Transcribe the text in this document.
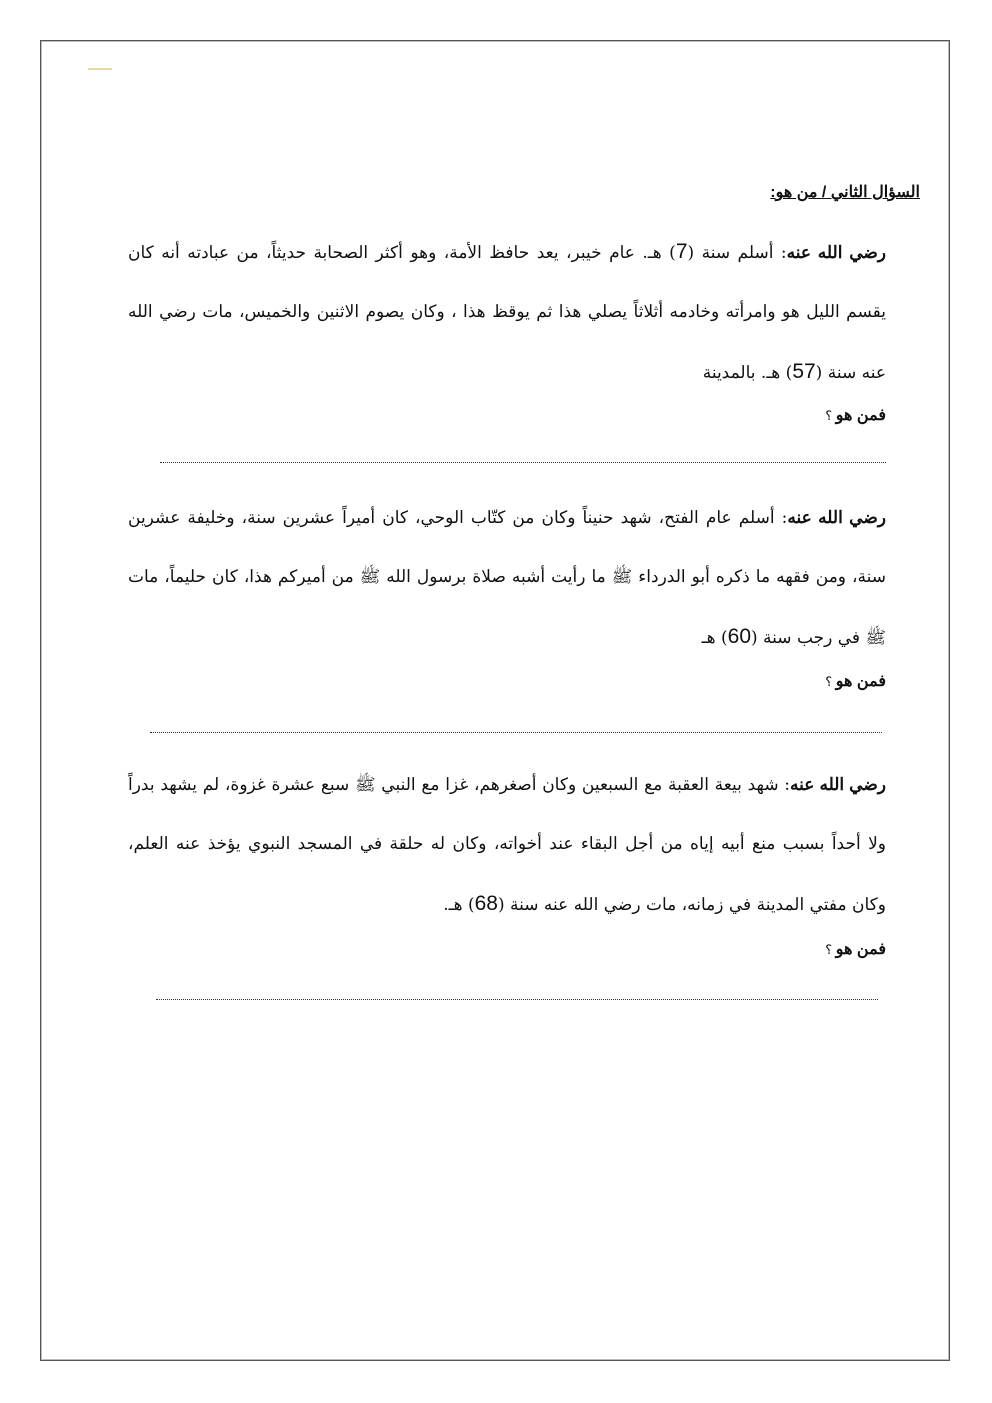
السؤال الثاني / من هو:

رضي الله عنه: أسلم سنة (7) هـ. عام خيبر، يعد حافظ الأمة، وهو أكثر الصحابة حديثاً، من عبادته أنه كان يقسم الليل هو وامرأته وخادمه أثلاثاً يصلي هذا ثم يوقظ هذا ، وكان يصوم الاثنين والخميس، مات رضي الله عنه سنة (57) هـ. بالمدينة

فمن هو ؟

رضي الله عنه: أسلم عام الفتح، شهد حنيناً وكان من كتّاب الوحي، كان أميراً عشرين سنة، وخليفة عشرين سنة، ومن فقهه ما ذكره أبو الدرداء ﷺ ما رأيت أشبه صلاة برسول الله ﷺ من أميركم هذا، كان حليماً، مات ﷺ في رجب سنة (60) هـ

فمن هو ؟

رضي الله عنه: شهد بيعة العقبة مع السبعين وكان أصغرهم، غزا مع النبي ﷺ سبع عشرة غزوة، لم يشهد بدراً ولا أحداً بسبب منع أبيه إياه من أجل البقاء عند أخواته، وكان له حلقة في المسجد النبوي يؤخذ عنه العلم، وكان مفتي المدينة في زمانه، مات رضي الله عنه سنة (68) هـ.

فمن هو ؟
